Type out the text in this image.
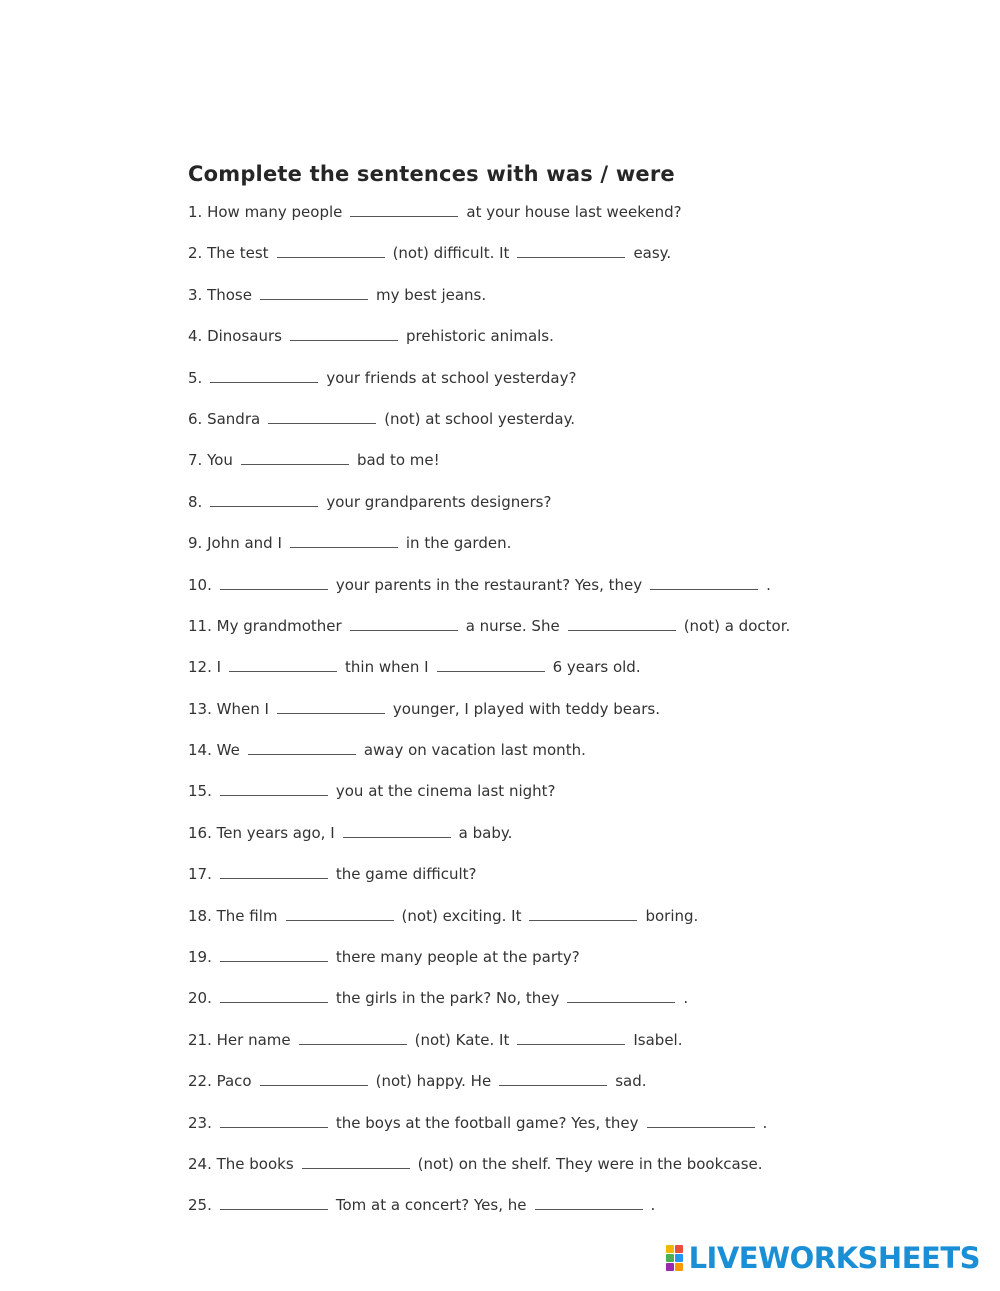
Complete the sentences with was / were
1. How many people	at your house last weekend?
2. The test	(not) difficult. It	easy.
3. Those	my best jeans.
4. Dinosaurs	prehistoric animals.
5.	your friends at school yesterday?
6. Sandra	(not) at school yesterday.
7. You	bad to me!
8.	your grandparents designers?
9. John and I	in the garden.
10.	your parents in the restaurant? Yes, they	.
11. My grandmother	a nurse. She	(not) a doctor.
12. I	thin when I	6 years old.
13. When I	younger, I played with teddy bears.
14. We	away on vacation last month.
15.	you at the cinema last night?
16. Ten years ago, I	a baby.
17.	the game difficult?
18. The film	(not) exciting. It	boring.
19.	there many people at the party?
20.	the girls in the park? No, they	.
21. Her name	(not) Kate. It	Isabel.
22. Paco	(not) happy. He	sad.
23.	the boys at the football game? Yes, they	.
24. The books	(not) on the shelf. They were in the bookcase.
25.	Tom at a concert? Yes, he	.
LIVEWORKSHEETS
